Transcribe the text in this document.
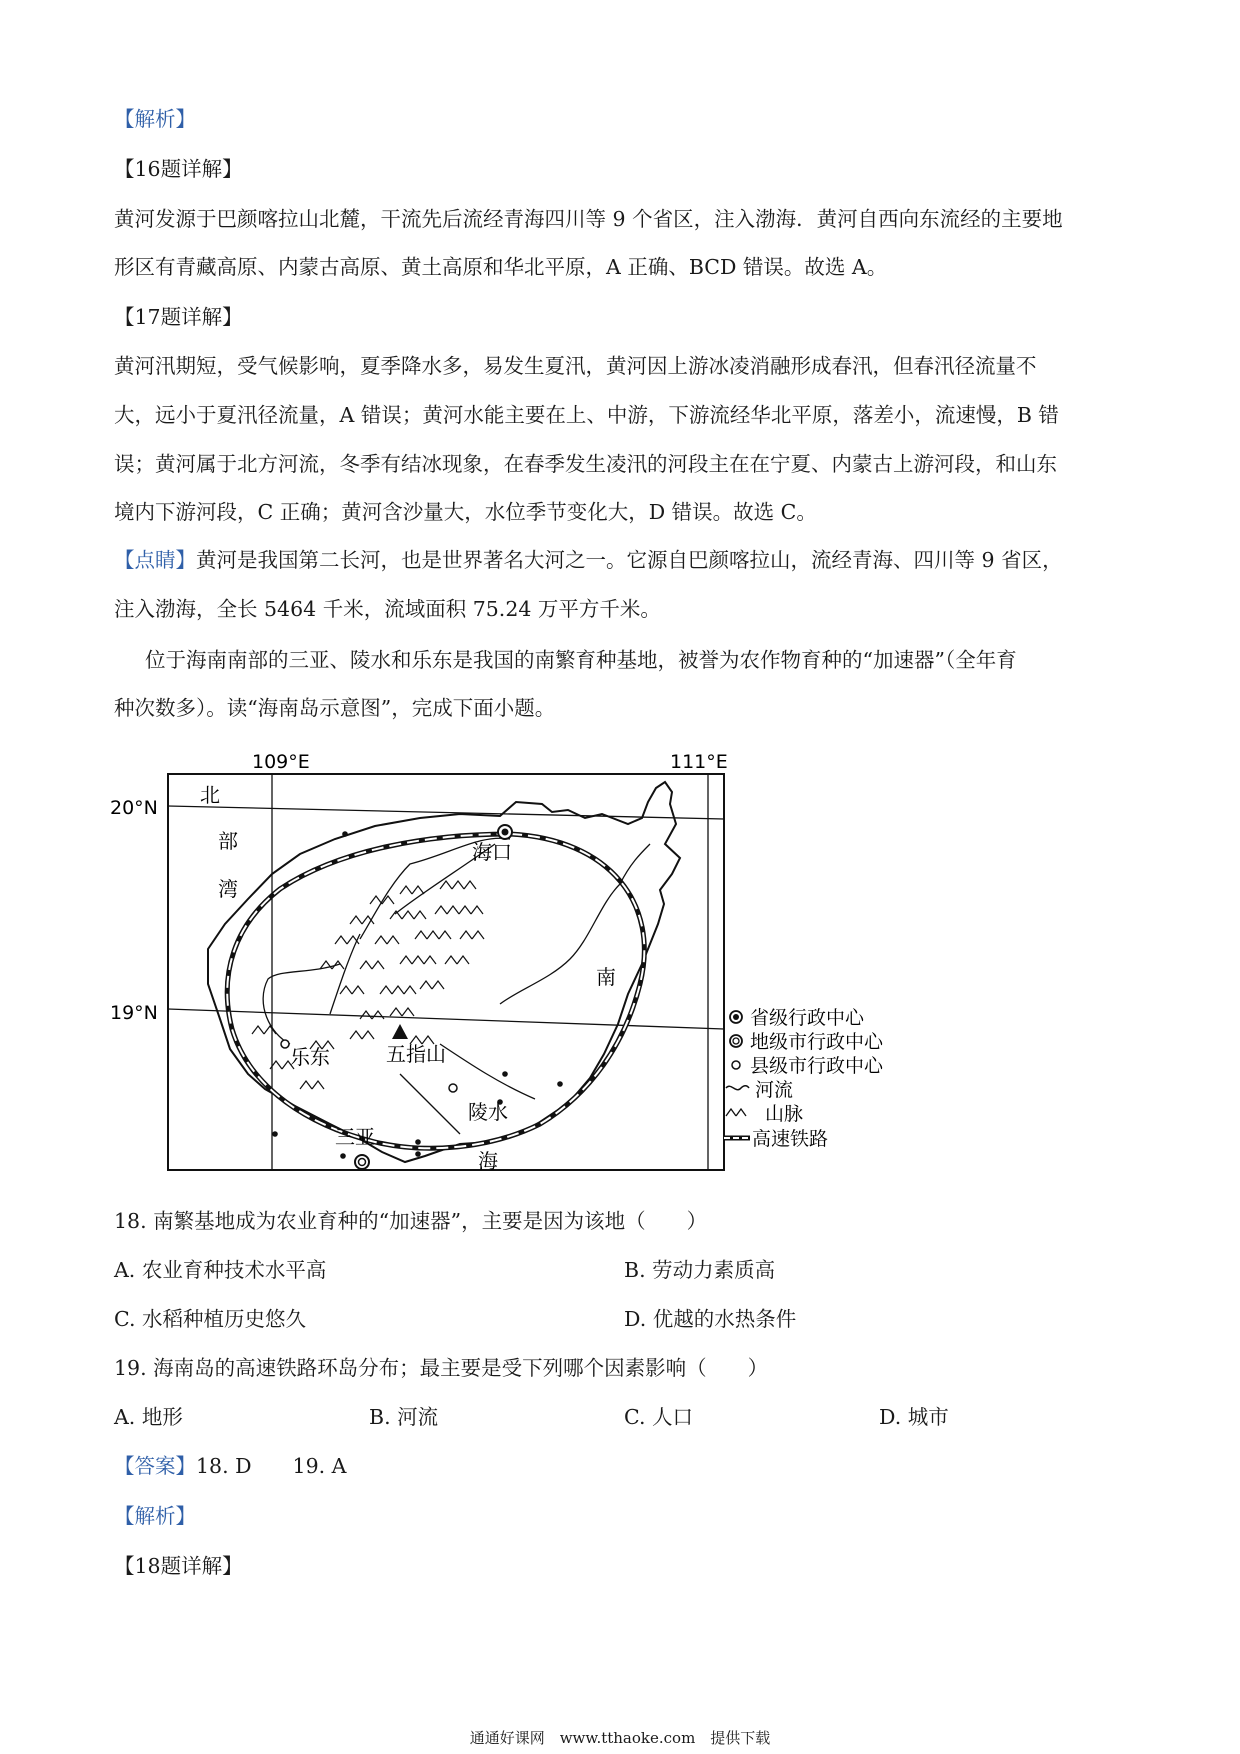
【解析】
【16题详解】
黄河发源于巴颜喀拉山北麓，干流先后流经青海四川等 9 个省区，注入渤海．黄河自西向东流经的主要地
形区有青藏高原、内蒙古高原、黄土高原和华北平原，A 正确、BCD 错误。故选 A。
【17题详解】
黄河汛期短，受气候影响，夏季降水多，易发生夏汛，黄河因上游冰凌消融形成春汛，但春汛径流量不
大，远小于夏汛径流量，A 错误；黄河水能主要在上、中游，下游流经华北平原，落差小，流速慢，B 错
误；黄河属于北方河流，冬季有结冰现象，在春季发生凌汛的河段主在在宁夏、内蒙古上游河段，和山东
境内下游河段，C 正确；黄河含沙量大，水位季节变化大，D 错误。故选 C。
【点睛】黄河是我国第二长河，也是世界著名大河之一。它源自巴颜喀拉山，流经青海、四川等 9 省区，
注入渤海，全长 5464 千米，流域面积 75.24 万平方千米。
位于海南南部的三亚、陵水和乐东是我国的南繁育种基地，被誉为农作物育种的“加速器”（全年育
种次数多）。读“海南岛示意图”，完成下面小题。
109°E	111°E
20°N
19°N
北
部
湾
南
海
海口
乐东
三亚
陵水
五指山
省级行政中心
地级市行政中心
县级市行政中心
河流
山脉
高速铁路
18. 南繁基地成为农业育种的“加速器”，主要是因为该地（　　）
A. 农业育种技术水平高	B. 劳动力素质高
C. 水稻种植历史悠久	D. 优越的水热条件
19. 海南岛的高速铁路环岛分布；最主要是受下列哪个因素影响（　　）
A. 地形	B. 河流	C. 人口	D. 城市
【答案】18. D　　19. A
【解析】
【18题详解】
通通好课网　www.tthaoke.com　提供下载
